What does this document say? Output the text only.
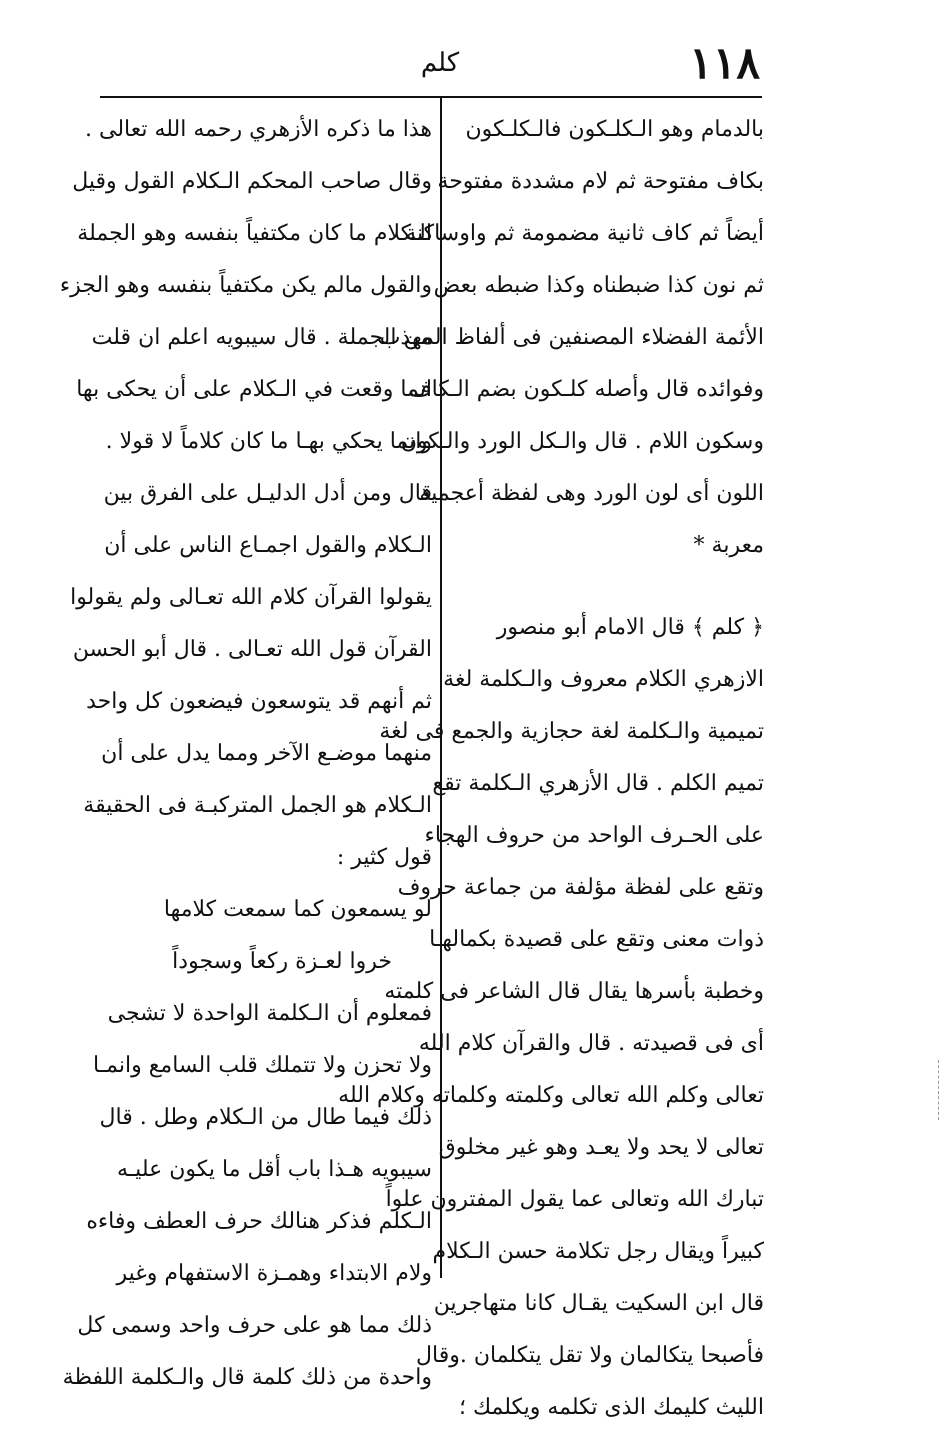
١١٨
كلم
بالدمام وهو الـكلـكون فالـكلـكون
بكاف مفتوحة ثم لام مشددة مفتوحة
أيضاً ثم كاف ثانية مضمومة ثم واوساكنة
ثم نون كذا ضبطناه وكذا ضبطه بعض
الأئمة الفضلاء المصنفين فى ألفاظ المهذب
وفوائده قال وأصله كلـكون بضم الـكاف
وسكون اللام . قال والـكل الورد والـكون
اللون أى لون الورد وهى لفظة أعجمية
معربة *
﴿ كلم ﴾ قال الامام أبو منصور
الازهري الكلام معروف والـكلمة لغة
تميمية والـكلمة لغة حجازية والجمع فى لغة
تميم الكلم . قال الأزهري الـكلمة تقع
على الحـرف الواحد من حروف الهجاء
وتقع على لفظة مؤلفة من جماعة حروف
ذوات معنى وتقع على قصيدة بكمالهـا
وخطبة بأسرها يقال قال الشاعر فى كلمته
أى فى قصيدته . قال والقرآن كلام الله
تعالى وكلم الله تعالى وكلمته وكلماته وكلام الله
تعالى لا يحد ولا يعـد وهو غير مخلوق
تبارك الله وتعالى عما يقول المفترون علواً
كبيراً ويقال رجل تكلامة حسن الـكلام
قال ابن السكيت يقـال كانا متهاجرين
فأصبحا يتكالمان ولا تقل يتكلمان .وقال
الليث كليمك الذى تكلمه ويكلمك ؛
هذا ما ذكره الأزهري رحمه الله تعالى .
وقال صاحب المحكم الـكلام القول وقيل
الـكلام ما كان مكتفياً بنفسه وهو الجملة
والقول مالم يكن مكتفياً بنفسه وهو الجزء
من الجملة . قال سيبويه اعلم ان قلت
انما وقعت في الـكلام على أن يحكى بها
وانما يحكي بهـا ما كان كلاماً لا قولا .
قال ومن أدل الدليـل على الفرق بين
الـكلام والقول اجمـاع الناس على أن
يقولوا القرآن كلام الله تعـالى ولم يقولوا
القرآن قول الله تعـالى . قال أبو الحسن
ثم أنهم قد يتوسعون فيضعون كل واحد
منهما موضـع الآخر ومما يدل على أن
الـكلام هو الجمل المتركبـة فى الحقيقة
قول كثير :
لو يسمعون كما سمعت كلامها
خروا لعـزة ركعاً وسجوداً
فمعلوم أن الـكلمة الواحدة لا تشجى
ولا تحزن ولا تتملك قلب السامع وانمـا
ذلك فيما طال من الـكلام وطل . قال
سيبويه هـذا باب أقل ما يكون عليـه
الـكلم فذكر هنالك حرف العطف وفاءه
ولام الابتداء وهمـزة الاستفهام وغير
ذلك مما هو على حرف واحد وسمى كل
واحدة من ذلك كلمة قال والـكلمة اللفظة
